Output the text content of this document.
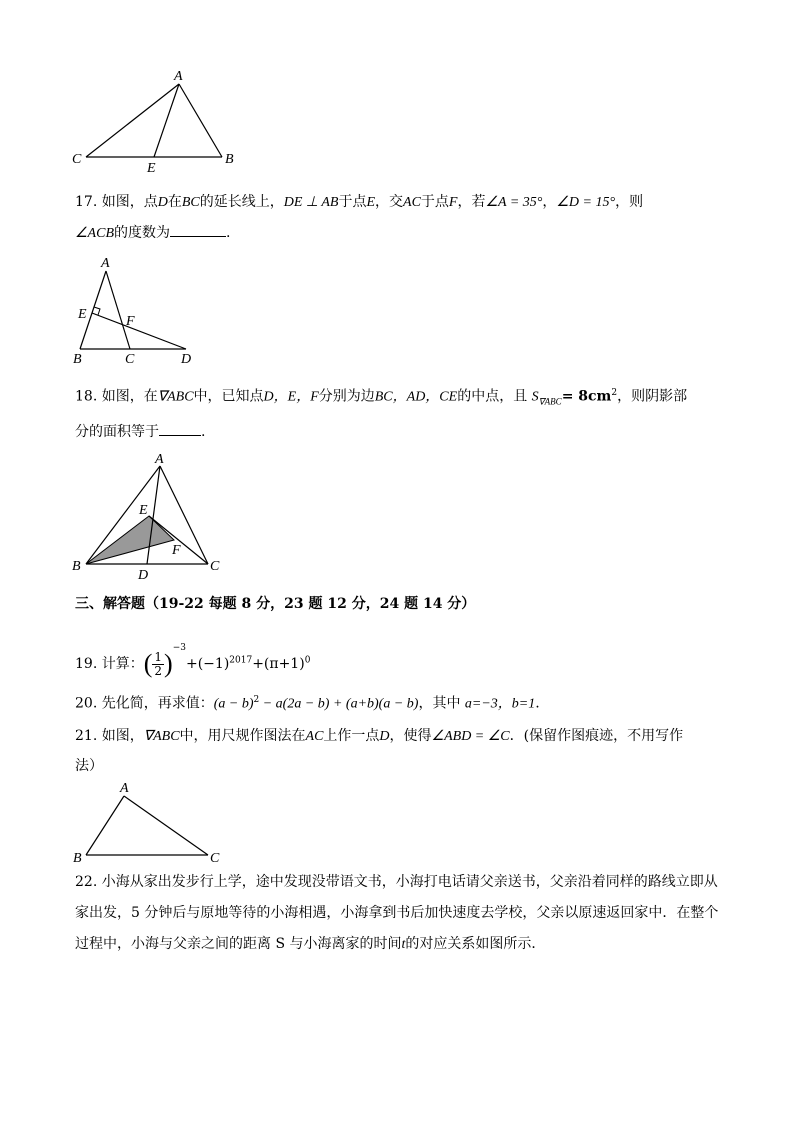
A
C	B
E
17. 如图，点D在BC的延长线上，DE ⊥ AB于点E，交AC于点F，若∠A = 35°，∠D = 15°，则
∠ACB的度数为	.
A
E	F
B	C	D
18. 如图，在∇ABC中，已知点D，E，F分别为边BC，AD，CE的中点，且 $S_{\nabla ABC}= 8cm^2$，则阴影部
分的面积等于	.
A
E
F
B	C
D
三、解答题（19-22 每题 8 分，23 题 12 分，24 题 14 分）
19. 计算：( $\frac{1}{2} )^{-3}+(-1)^{2017}+(\pi+1)^0$
20. 先化简，再求值：$(a - b)^2 - a(2a - b) + (a+b)(a - b)$，其中 a=−3，b=1.
21. 如图，∇ABC中，用尺规作图法在AC上作一点D，使得∠ABD = ∠C．(保留作图痕迹，不用写作
法）
A
B	C
22. 小海从家出发步行上学，途中发现没带语文书，小海打电话请父亲送书，父亲沿着同样的路线立即从
家出发，5 分钟后与原地等待的小海相遇，小海拿到书后加快速度去学校，父亲以原速返回家中．在整个
过程中，小海与父亲之间的距离 S 与小海离家的时间t的对应关系如图所示．
